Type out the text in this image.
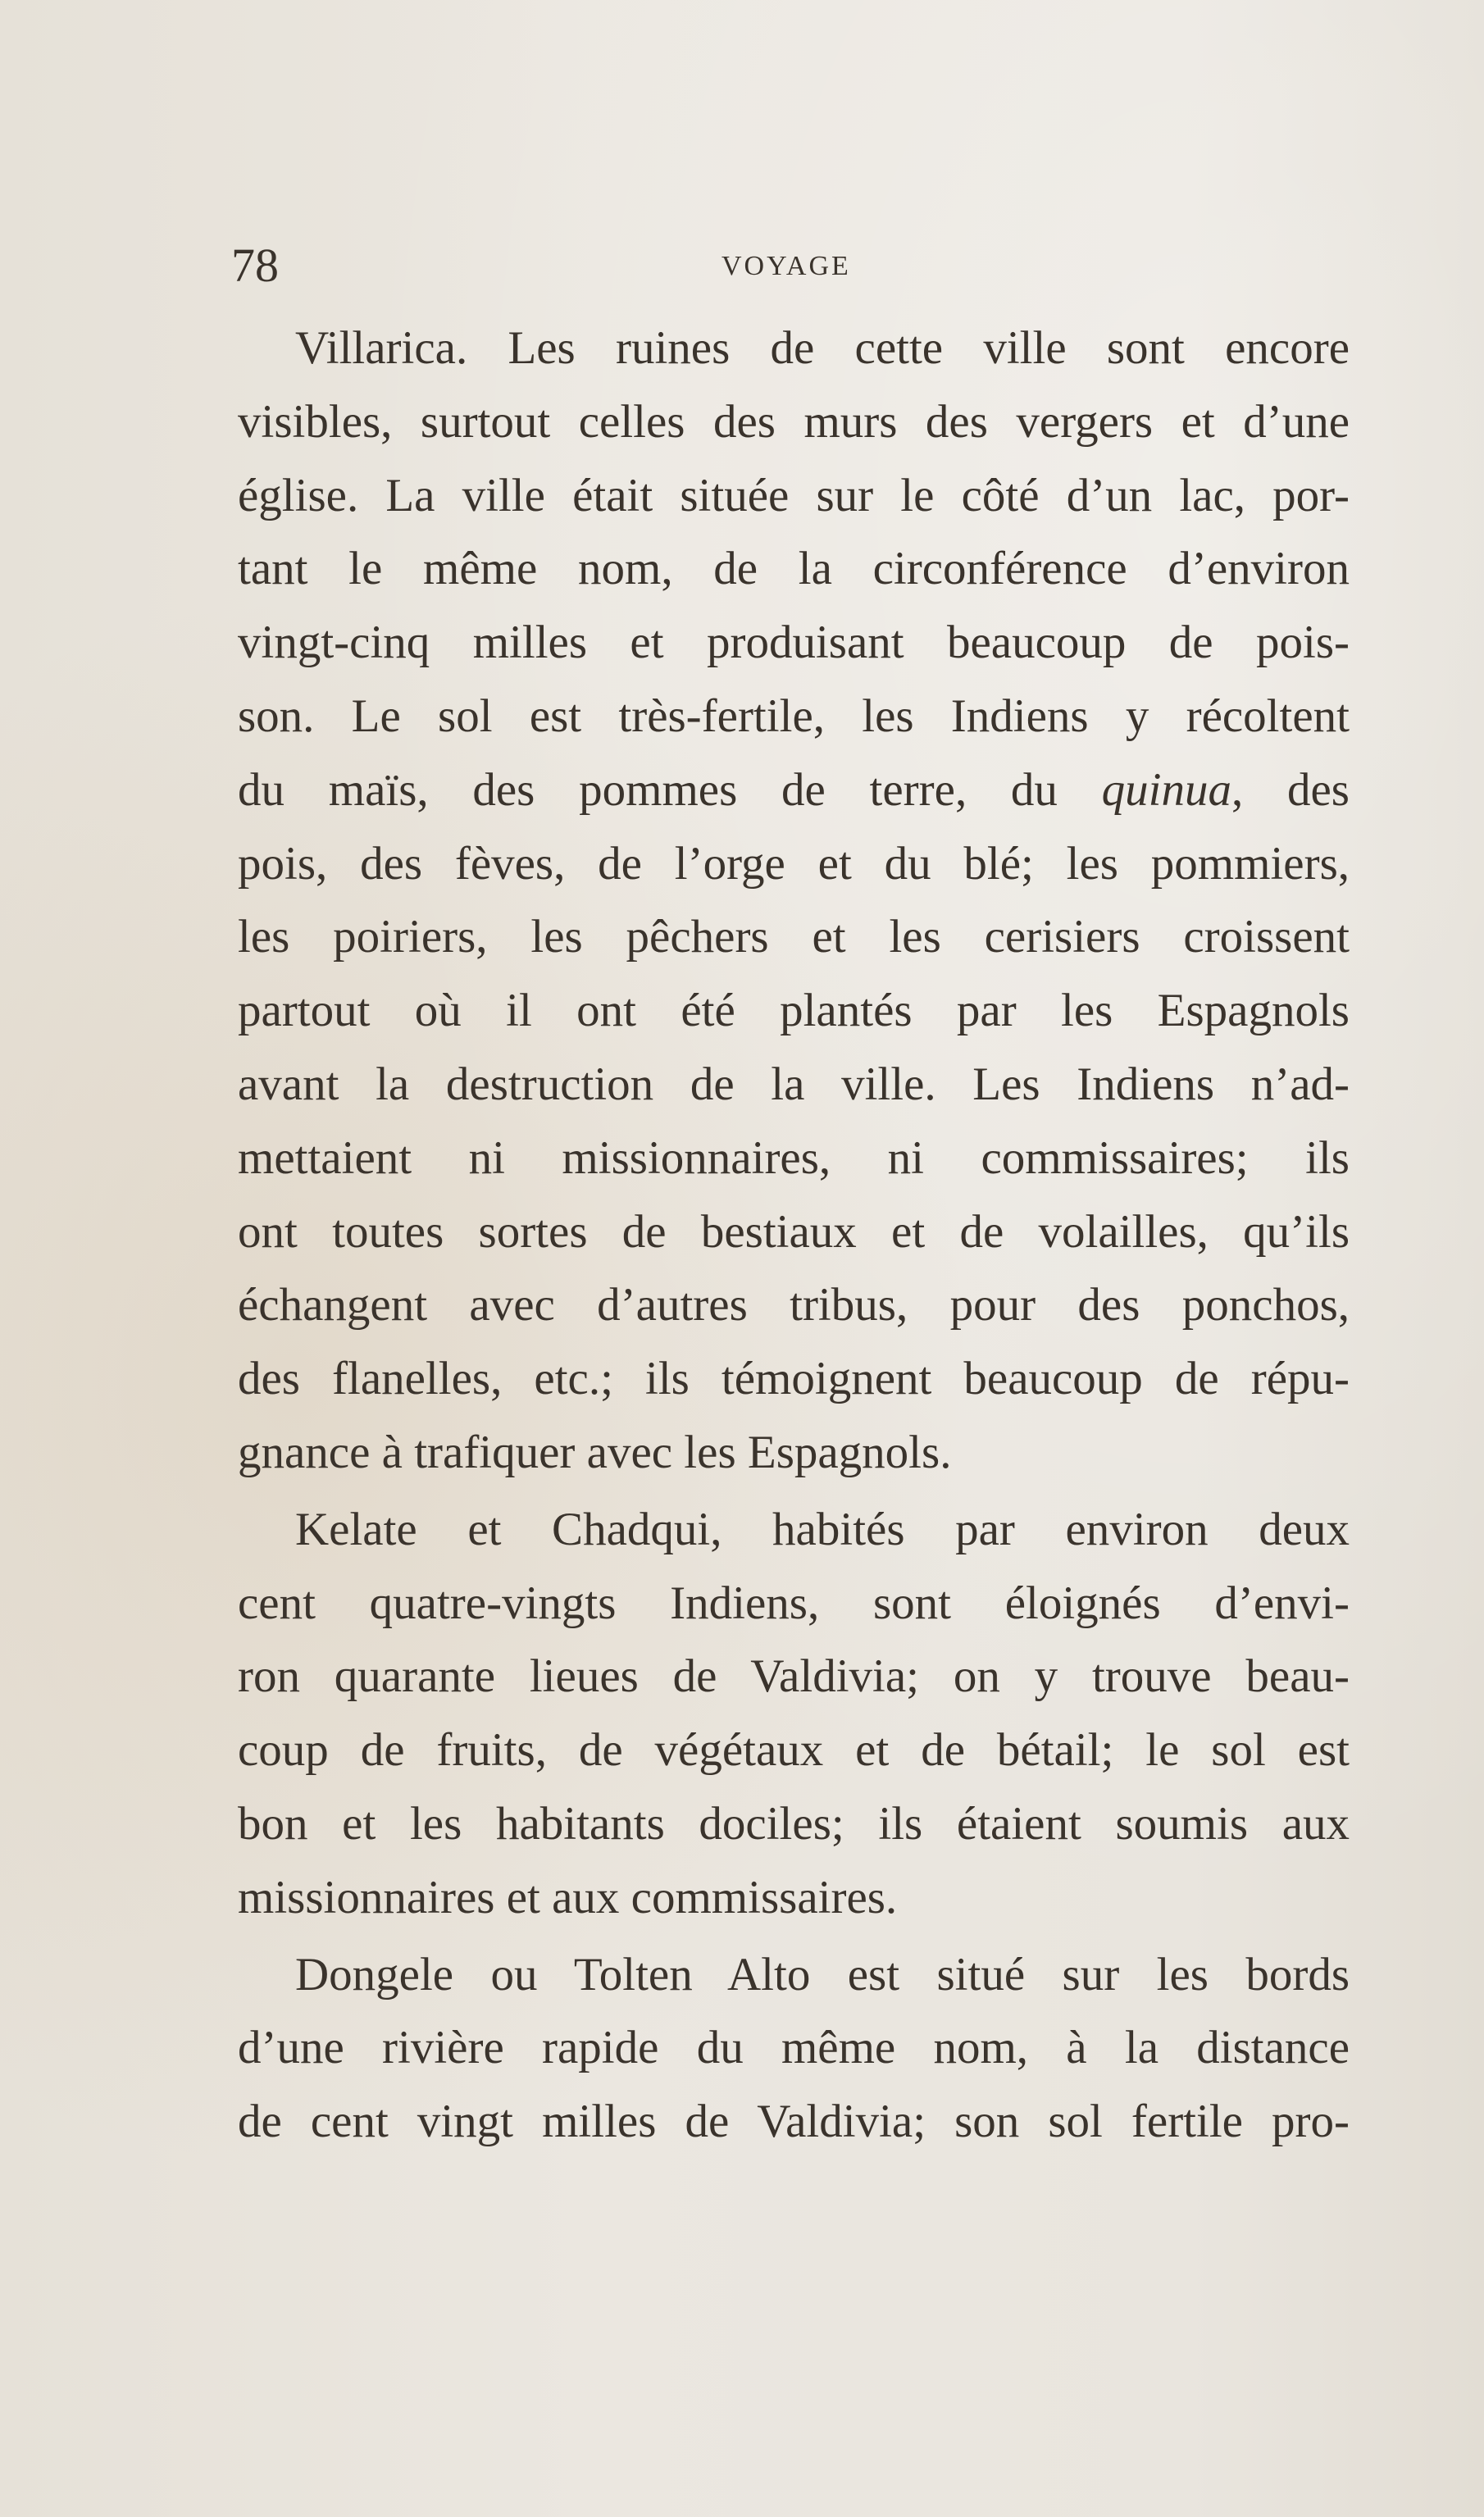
78	VOYAGE
Villarica. Les ruines de cette ville sont encore
visibles, surtout celles des murs des vergers et d’une
église. La ville était située sur le côté d’un lac, por-
tant le même nom, de la circonférence d’environ
vingt-cinq milles et produisant beaucoup de pois-
son. Le sol est très-fertile, les Indiens y récoltent
du maïs, des pommes de terre, du quinua, des
pois, des fèves, de l’orge et du blé; les pommiers,
les poiriers, les pêchers et les cerisiers croissent
partout où il ont été plantés par les Espagnols
avant la destruction de la ville. Les Indiens n’ad-
mettaient ni missionnaires, ni commissaires; ils
ont toutes sortes de bestiaux et de volailles, qu’ils
échangent avec d’autres tribus, pour des ponchos,
des flanelles, etc.; ils témoignent beaucoup de répu-
gnance à trafiquer avec les Espagnols.
Kelate et Chadqui, habités par environ deux
cent quatre-vingts Indiens, sont éloignés d’envi-
ron quarante lieues de Valdivia; on y trouve beau-
coup de fruits, de végétaux et de bétail; le sol est
bon et les habitants dociles; ils étaient soumis aux
missionnaires et aux commissaires.
Dongele ou Tolten Alto est situé sur les bords
d’une rivière rapide du même nom, à la distance
de cent vingt milles de Valdivia; son sol fertile pro-
